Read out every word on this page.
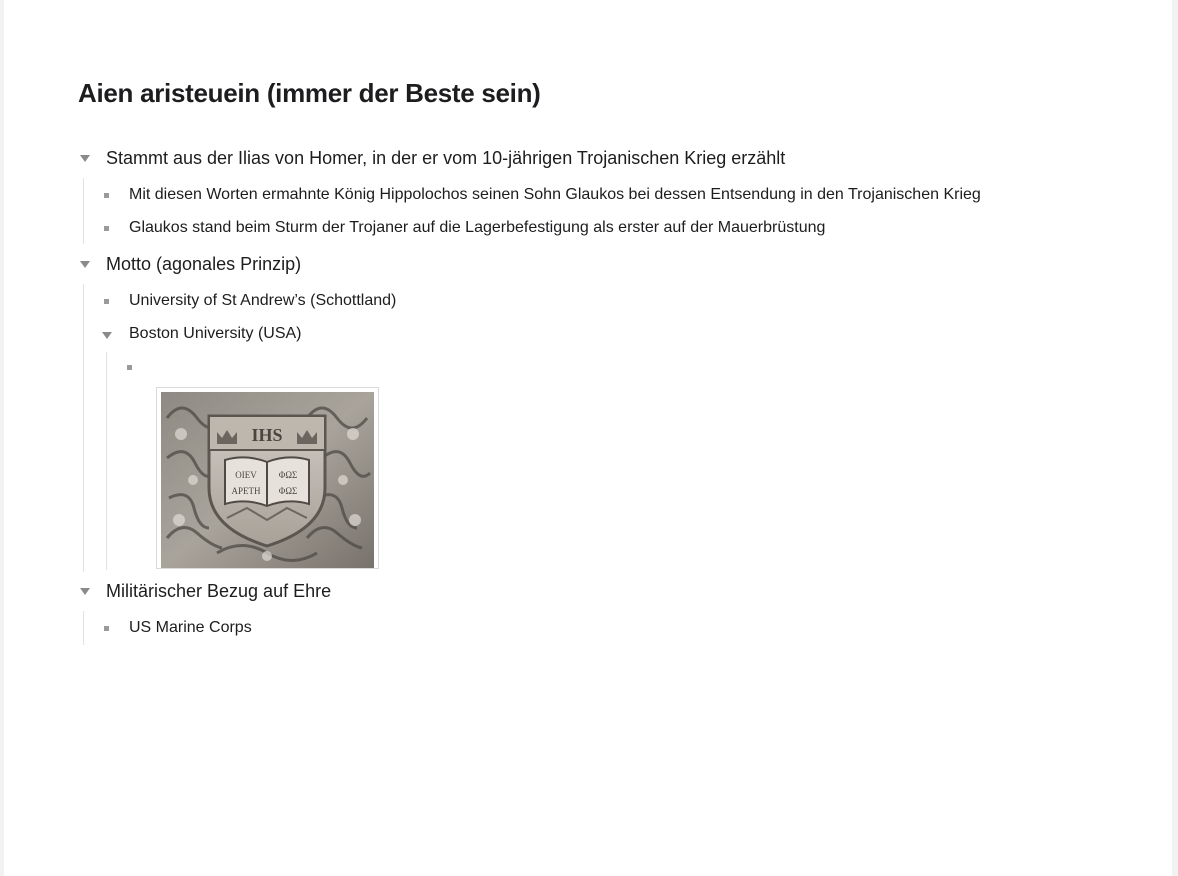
Aien aristeuein (immer der Beste sein)
Stammt aus der Ilias von Homer, in der er vom 10-jährigen Trojanischen Krieg erzählt
Mit diesen Worten ermahnte König Hippolochos seinen Sohn Glaukos bei dessen Entsendung in den Trojanischen Krieg
Glaukos stand beim Sturm der Trojaner auf die Lagerbefestigung als erster auf der Mauerbrüstung
Motto (agonales Prinzip)
University of St Andrew’s (Schottland)
Boston University (USA)
IHS
OIEV ΦΩΣ
APETH ΦΩΣ
Militärischer Bezug auf Ehre
US Marine Corps
